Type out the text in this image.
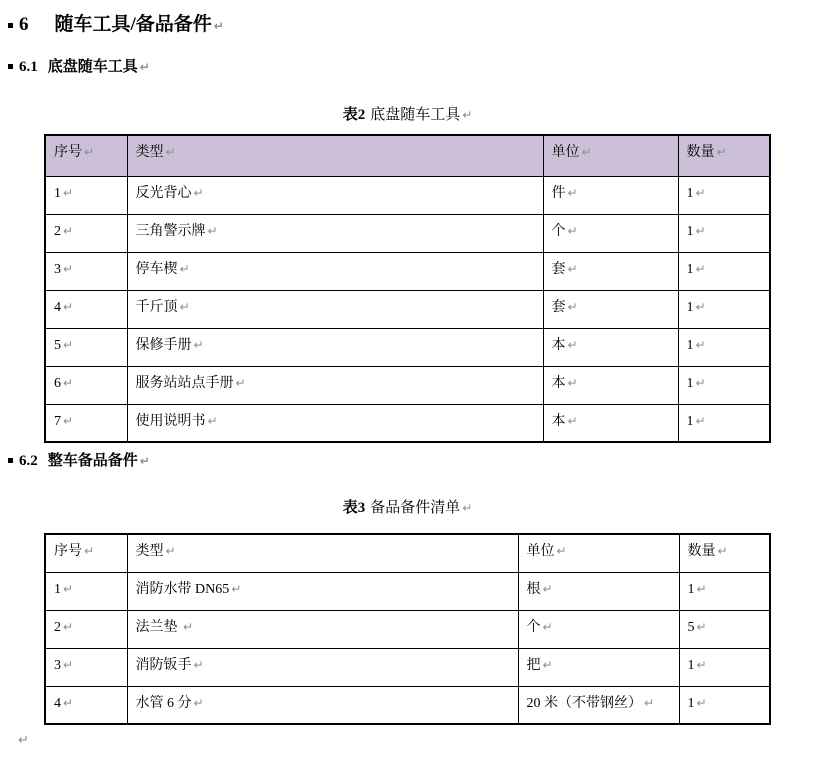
6 随车工具/备品备件 ↵
6.1 底盘随车工具 ↵
表2 底盘随车工具 ↵
序号 ↵	类型 ↵	单位 ↵	数量 ↵
1 ↵	反光背心 ↵	件 ↵	1 ↵
2 ↵	三角警示牌 ↵	个 ↵	1 ↵
3 ↵	停车楔 ↵	套 ↵	1 ↵
4 ↵	千斤顶 ↵	套 ↵	1 ↵
5 ↵	保修手册 ↵	本 ↵	1 ↵
6 ↵	服务站站点手册 ↵	本 ↵	1 ↵
7 ↵	使用说明书 ↵	本 ↵	1 ↵
6.2 整车备品备件 ↵
表3 备品备件清单 ↵
序号 ↵	类型 ↵	单位 ↵	数量 ↵
1 ↵	消防水带 DN65 ↵	根 ↵	1 ↵
2 ↵	法兰垫 ↵	个 ↵	5 ↵
3 ↵	消防钣手 ↵	把 ↵	1 ↵
4 ↵	水管 6 分 ↵	20 米（不带钢丝） ↵	1 ↵
↵
